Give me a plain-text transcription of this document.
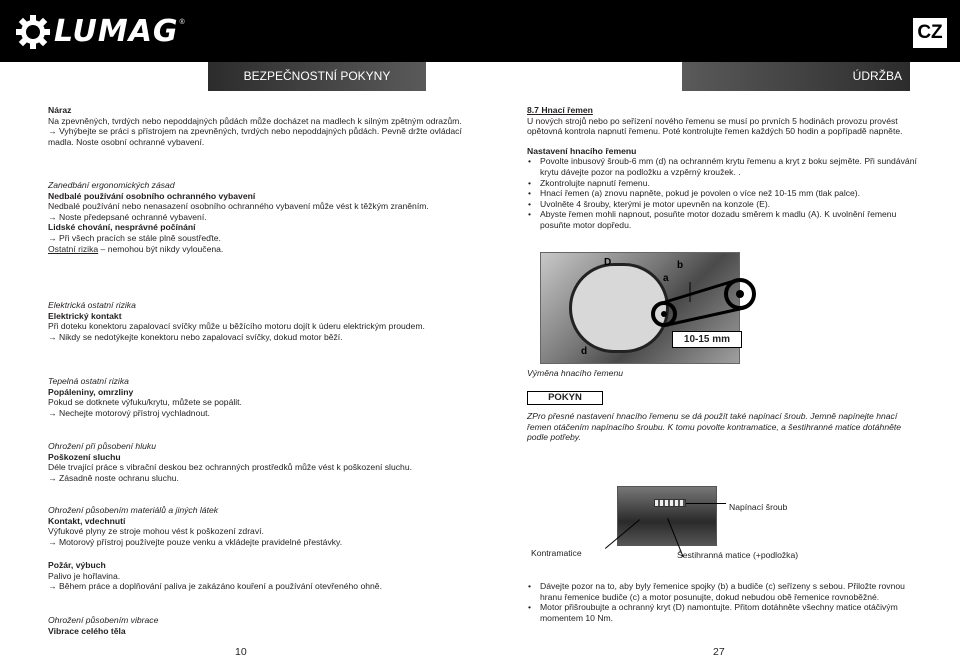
LUMAG ®	CZ
BEZPEČNOSTNÍ POKYNY	ÚDRŽBA
Náraz
Na zpevněných, tvrdých nebo nepoddajných půdách může docházet na madlech k silným zpětným odrazům.
→ Vyhýbejte se práci s přístrojem na zpevněných, tvrdých nebo nepoddajných půdách. Pevně držte ovládací madla. Noste osobní ochranné vybavení.
Zanedbání ergonomických zásad
Nedbalé používání osobního ochranného vybavení
Nedbalé používání nebo nenasazení osobního ochranného vybavení může vést k těžkým zraněním.
→ Noste předepsané ochranné vybavení.
Lidské chování, nesprávné počínání
→ Při všech pracích se stále plně soustřeďte.
Ostatní rizika – nemohou být nikdy vyloučena.
Elektrická ostatní rizika
Elektrický kontakt
Při doteku konektoru zapalovací svíčky může u běžícího motoru dojít k úderu elektrickým proudem.
→ Nikdy se nedotýkejte konektoru nebo zapalovací svíčky, dokud motor běží.
Tepelná ostatní rizika
Popáleniny, omrzliny
Pokud se dotknete výfuku/krytu, můžete se popálit.
→ Nechejte motorový přístroj vychladnout.
Ohrožení při působení hluku
Poškození sluchu
Déle trvající práce s vibrační deskou bez ochranných prostředků může vést k poškození sluchu.
→ Zásadně noste ochranu sluchu.
Ohrožení působením materiálů a jiných látek
Kontakt, vdechnutí
Výfukové plyny ze stroje mohou vést k poškození zdraví.
→ Motorový přístroj používejte pouze venku a vkládejte pravidelné přestávky.
Požár, výbuch
Palivo je hořlavina.
→ Během práce a doplňování paliva je zakázáno kouření a používání otevřeného ohně.
Ohrožení působením vibrace
Vibrace celého těla
10
8.7 Hnací řemen
U nových strojů nebo po seřízení nového řemenu se musí po prvních 5 hodinách provozu provést opětovná kontrola napnutí řemenu. Poté kontrolujte řemen každých 50 hodin a popřípadě napněte.
Nastavení hnacího řemenu
• Povolte inbusový šroub-6 mm (d) na ochranném krytu řemenu a kryt z boku sejměte. Při sundávání krytu dávejte pozor na podložku a vzpěrný kroužek. .
• Zkontrolujte napnutí řemenu.
• Hnací řemen (a) znovu napněte, pokud je povolen o více než 10-15 mm (tlak palce).
• Uvolněte 4 šrouby, kterými je motor upevněn na konzole (E).
• Abyste řemen mohli napnout, posuňte motor dozadu směrem k madlu (A). K uvolnění řemenu posuňte motor dopředu.
D
d
a
b
10-15 mm
Výměna hnacího řemenu
POKYN
ZPro přesné nastavení hnacího řemenu se dá použít také napínací šroub. Jemně napínejte hnací řemen otáčením napínacího šroubu. K tomu povolte kontramatice, a šestihranné matice dotáhněte podle potřeby.
Napínací šroub
Kontramatice	Šestihranná matice (+podložka)
• Dávejte pozor na to, aby byly řemenice spojky (b) a budiče (c) seřízeny s sebou. Přiložte rovnou hranu řemenice budiče (c) a motor posunujte, dokud nebudou obě řemenice rovnoběžné.
• Motor přišroubujte a ochranný kryt (D) namontujte. Přitom dotáhněte všechny matice otáčivým momentem 10 Nm.
27
